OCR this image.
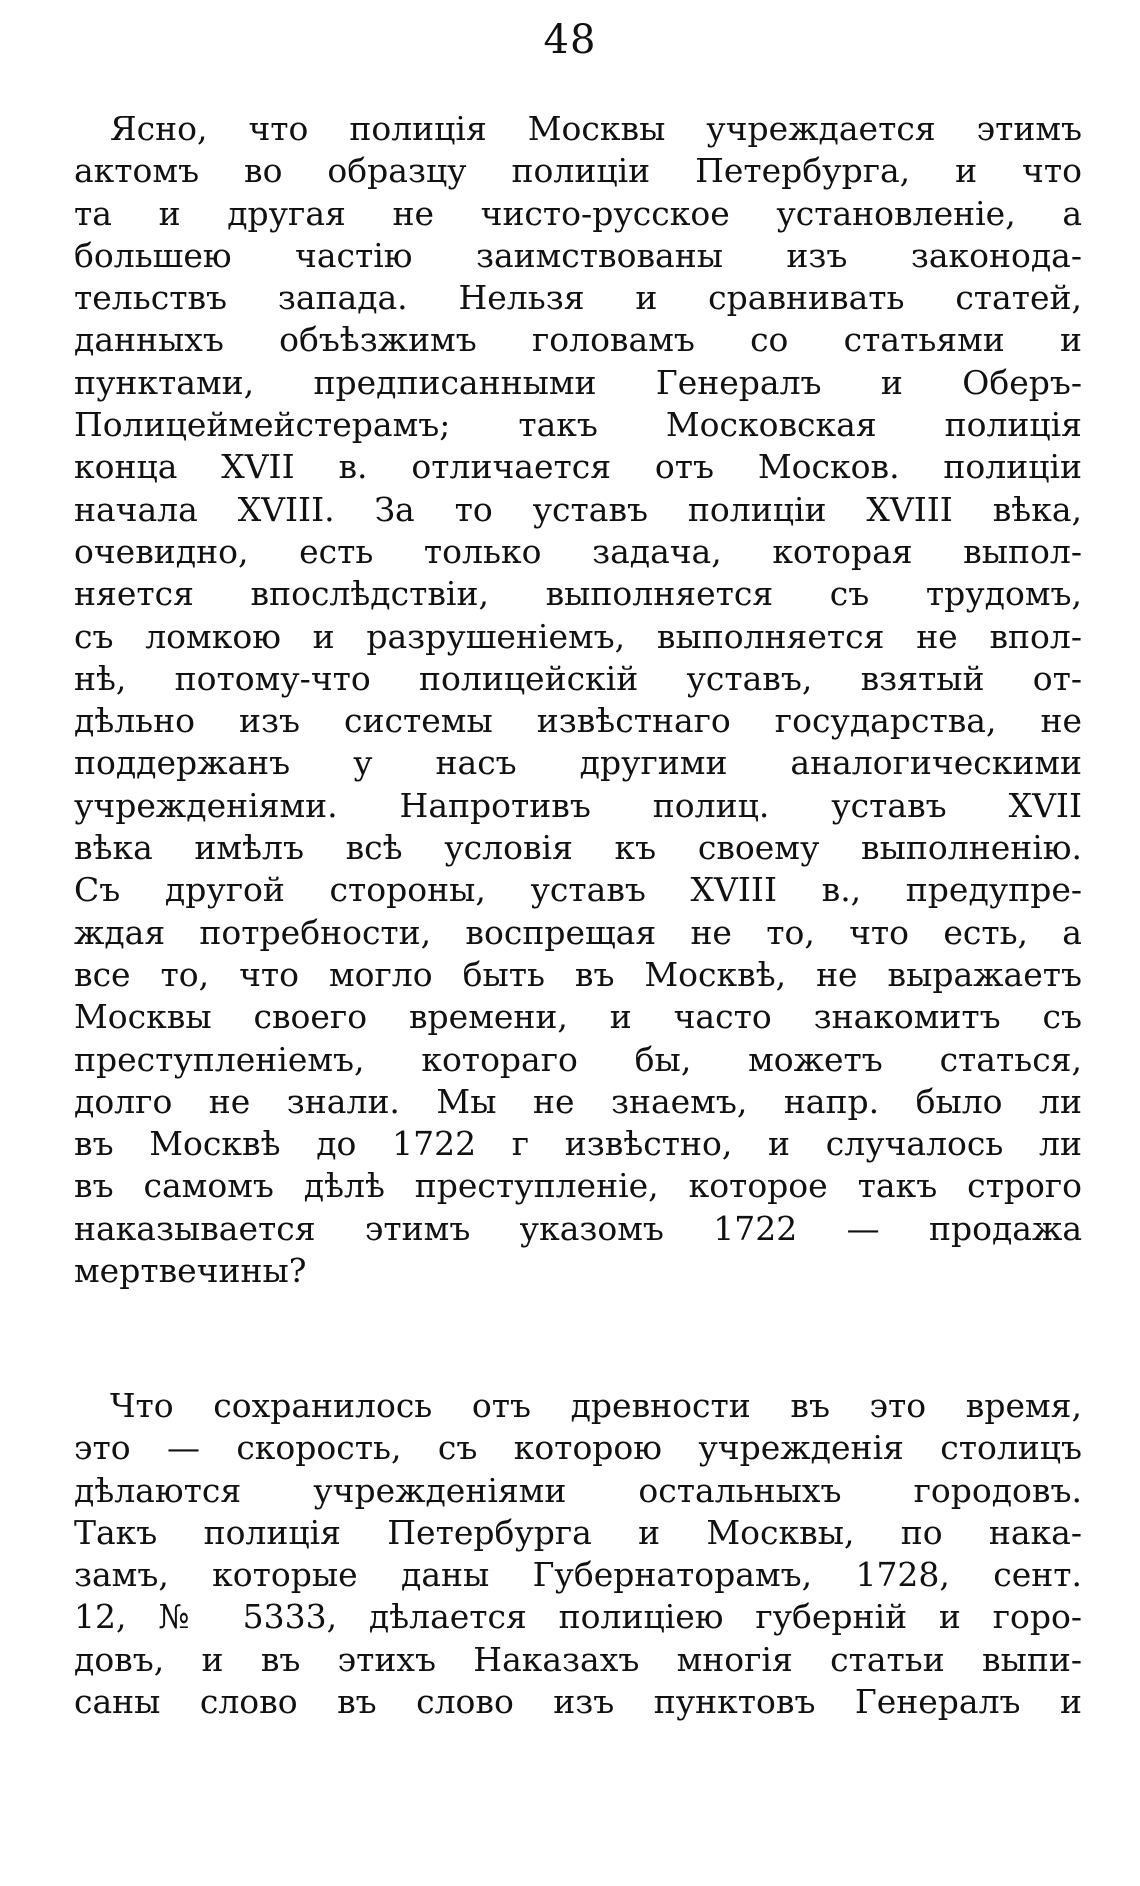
48
Ясно, что полиція Москвы учреждается этимъ
актомъ во образцу полиціи Петербурга, и что
та и другая не чисто-русское установленіе, а
большею частію заимствованы изъ законода-
тельствъ запада. Нельзя и сравнивать статей,
данныхъ объѣзжимъ головамъ со статьями и
пунктами, предписанными Генералъ и Оберъ-
Полицеймейстерамъ; такъ Московская полиція
конца XVII в. отличается отъ Москов. полиціи
начала XVIII. За то уставъ полиціи XVIII вѣка,
очевидно, есть только задача, которая выпол-
няется впослѣдствіи, выполняется съ трудомъ,
съ ломкою и разрушеніемъ, выполняется не впол-
нѣ, потому-что полицейскій уставъ, взятый от-
дѣльно изъ системы извѣстнаго государства, не
поддержанъ у насъ другими аналогическими
учрежденіями. Напротивъ полиц. уставъ XVII
вѣка имѣлъ всѣ условія къ своему выполненію.
Съ другой стороны, уставъ XVIII в., предупре-
ждая потребности, воспрещая не то, что есть, а
все то, что могло быть въ Москвѣ, не выражаетъ
Москвы своего времени, и часто знакомитъ съ
преступленіемъ, котораго бы, можетъ статься,
долго не знали. Мы не знаемъ, напр. было ли
въ Москвѣ до 1722 г извѣстно, и случалось ли
въ самомъ дѣлѣ преступленіе, которое такъ строго
наказывается этимъ указомъ 1722 — продажа
мертвечины?
Что сохранилось отъ древности въ это время,
это — скорость, съ которою учрежденія столицъ
дѣлаются учрежденіями остальныхъ городовъ.
Такъ полиція Петербурга и Москвы, по нака-
замъ, которые даны Губернаторамъ, 1728, сент.
12, № 5333, дѣлается полиціею губерній и горо-
довъ, и въ этихъ Наказахъ многія статьи выпи-
саны слово въ слово изъ пунктовъ Генералъ и
